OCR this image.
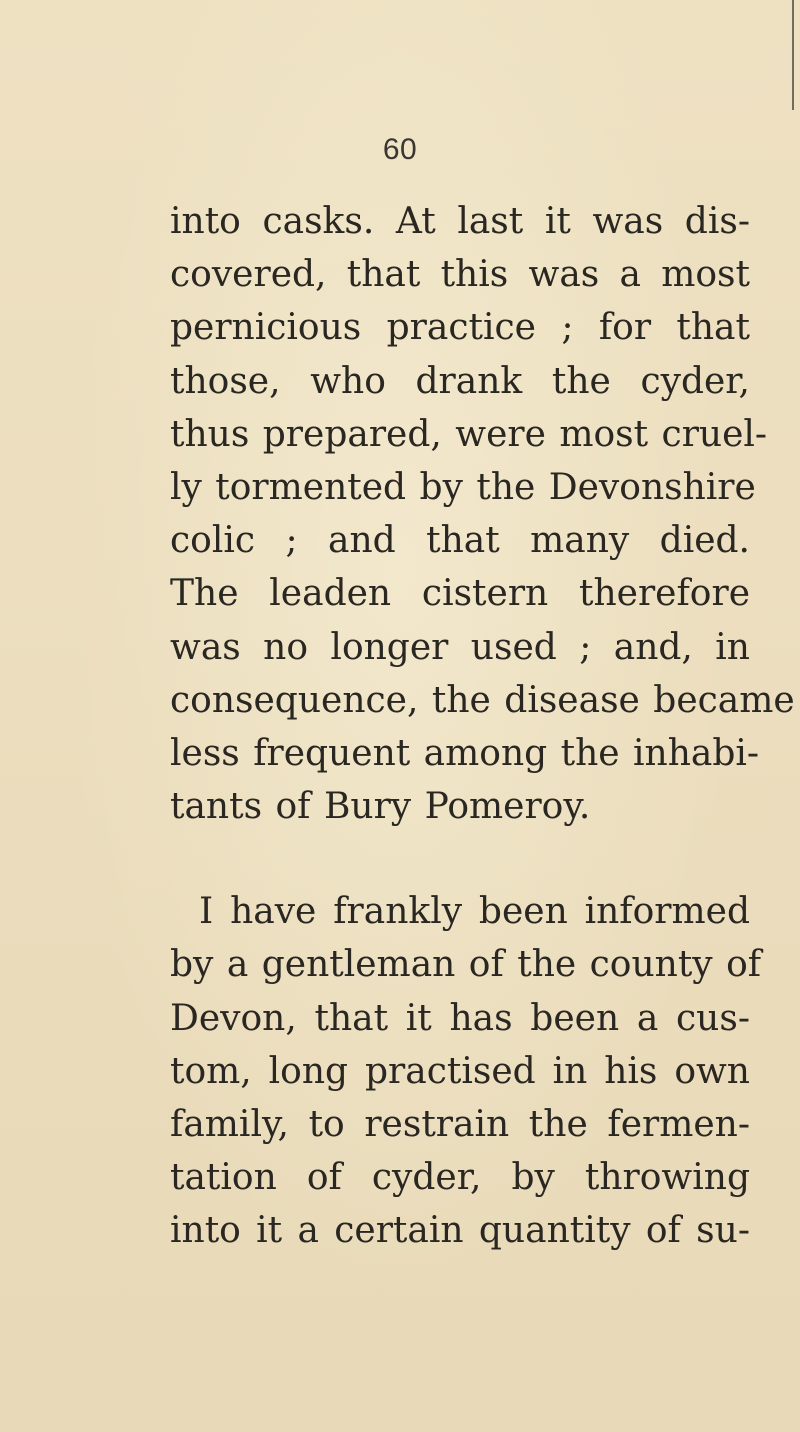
60
into casks. At last it was dis-
covered, that this was a most
pernicious practice ; for that
those, who drank the cyder,
thus prepared, were most cruel-
ly tormented by the Devonshire
colic ; and that many died.
The leaden cistern therefore
was no longer used ; and, in
consequence, the disease became
less frequent among the inhabi-
tants of Bury Pomeroy.
I have frankly been informed
by a gentleman of the county of
Devon, that it has been a cus-
tom, long practised in his own
family, to restrain the fermen-
tation of cyder, by throwing
into it a certain quantity of su-
